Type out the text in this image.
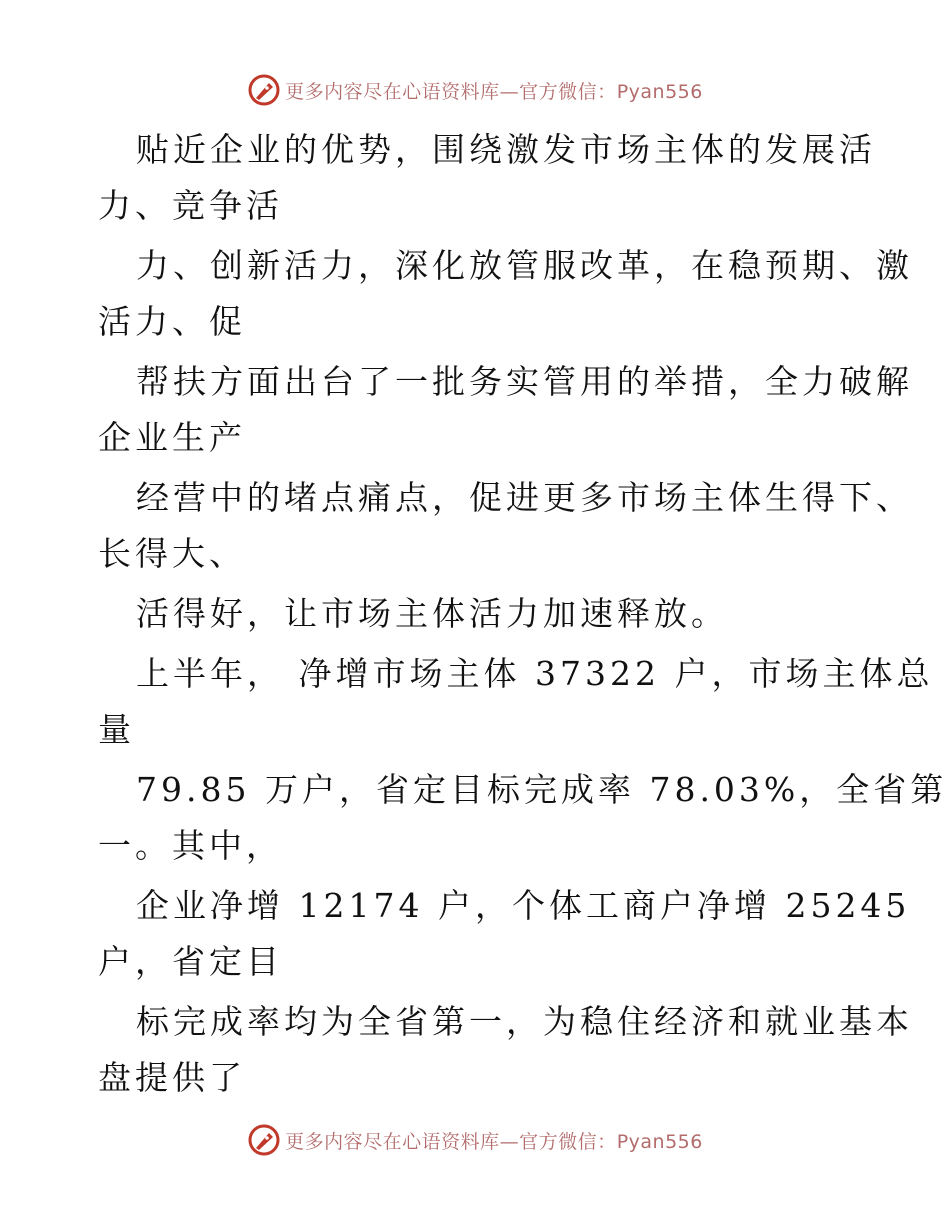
更多内容尽在心语资料库—官方微信：Pyan556
贴近企业的优势，围绕激发市场主体的发展活
力、竞争活
力、创新活力，深化放管服改革，在稳预期、激
活力、促
帮扶方面出台了一批务实管用的举措，全力破解
企业生产
经营中的堵点痛点，促进更多市场主体生得下、
长得大、
活得好，让市场主体活力加速释放。
上半年， 净增市场主体 37322 户，市场主体总
量
79.85 万户，省定目标完成率 78.03%，全省第
一。其中，
企业净增 12174 户，个体工商户净增 25245
户，省定目
标完成率均为全省第一，为稳住经济和就业基本
盘提供了
更多内容尽在心语资料库—官方微信：Pyan556
